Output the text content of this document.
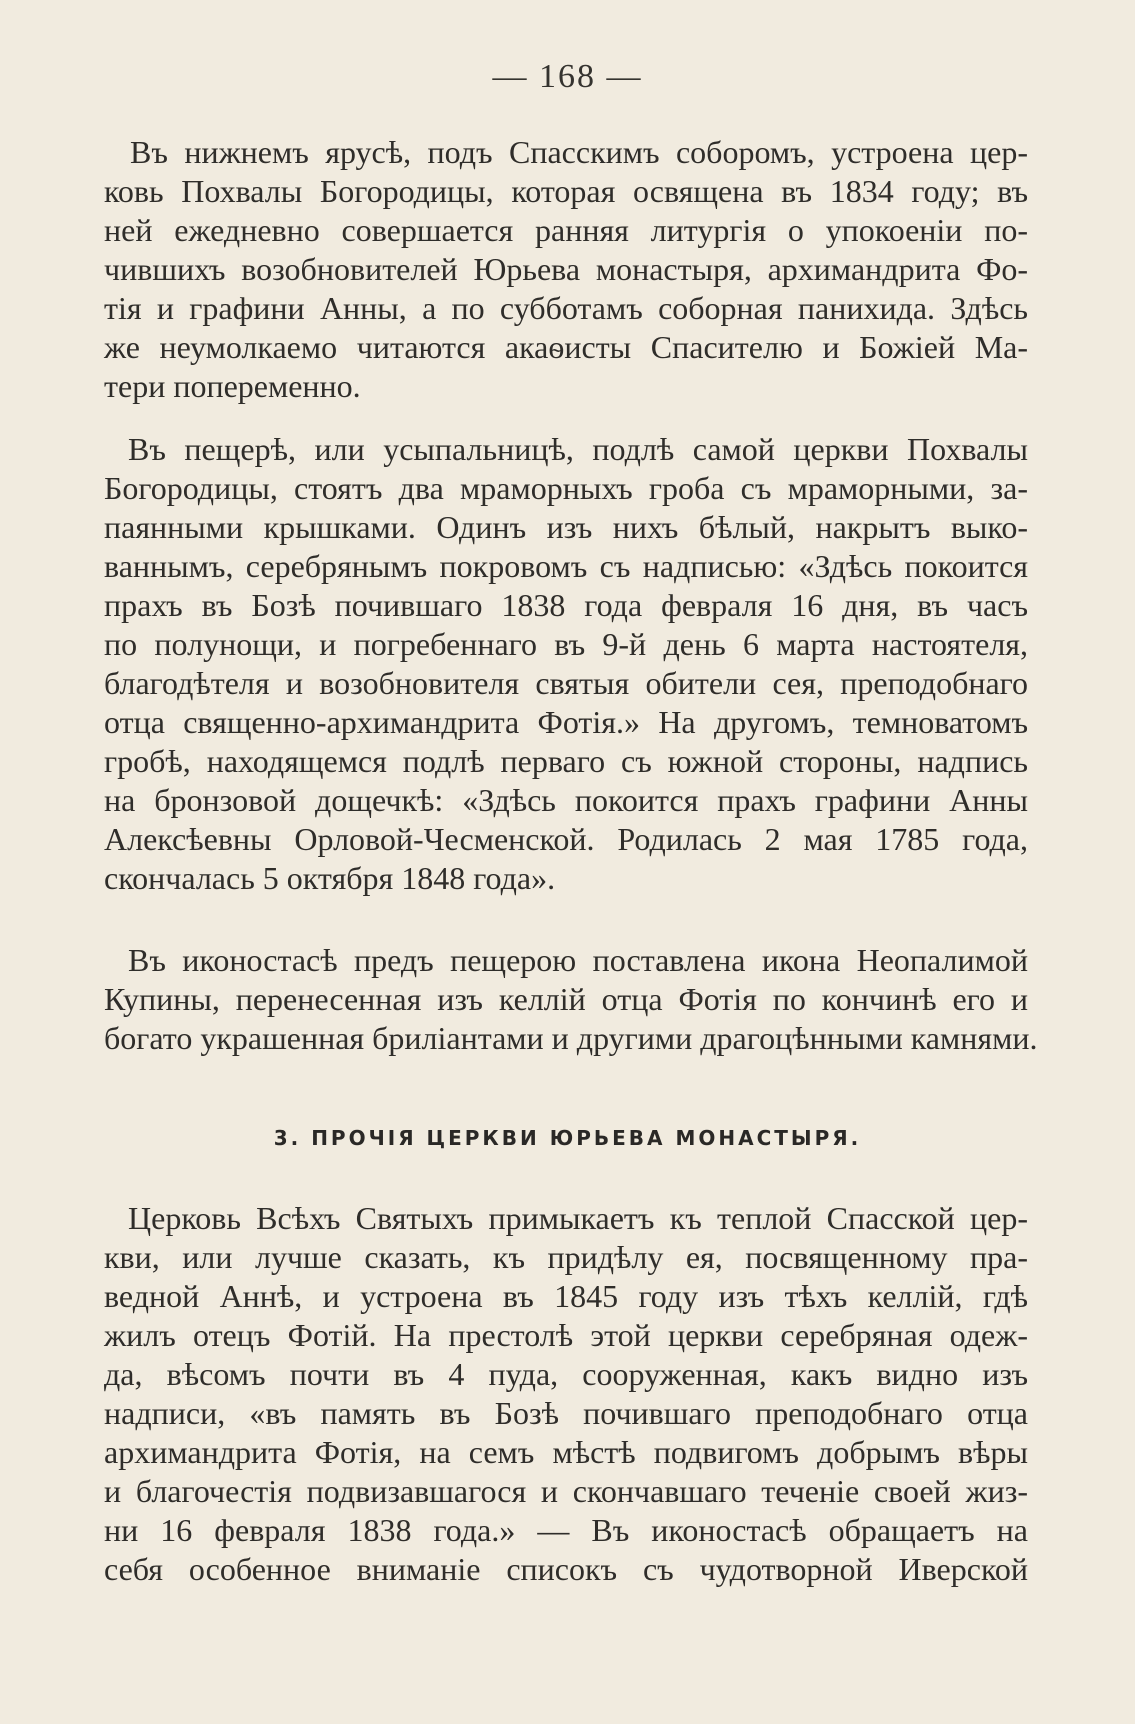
— 168 —
Въ нижнемъ ярусѣ, подъ Спасскимъ соборомъ, устроена цер-
ковь Похвалы Богородицы, которая освящена въ 1834 году; въ
ней ежедневно совершается ранняя литургія о упокоеніи по-
чившихъ возобновителей Юрьева монастыря, архимандрита Фо-
тія и графини Анны, а по субботамъ соборная панихида. Здѣсь
же неумолкаемо читаются акаѳисты Спасителю и Божіей Ма-
тери попеременно.
Въ пещерѣ, или усыпальницѣ, подлѣ самой церкви Похвалы
Богородицы, стоятъ два мраморныхъ гроба съ мраморными, за-
паянными крышками. Одинъ изъ нихъ бѣлый, накрытъ выко-
ваннымъ, серебрянымъ покровомъ съ надписью: «Здѣсь покоится
прахъ въ Бозѣ почившаго 1838 года февраля 16 дня, въ часъ
по полунощи, и погребеннаго въ 9-й день 6 марта настоятеля,
благодѣтеля и возобновителя святыя обители сея, преподобнаго
отца священно-архимандрита Фотія.» На другомъ, темноватомъ
гробѣ, находящемся подлѣ перваго съ южной стороны, надпись
на бронзовой дощечкѣ: «Здѣсь покоится прахъ графини Анны
Алексѣевны Орловой-Чесменской. Родилась 2 мая 1785 года,
скончалась 5 октября 1848 года».
Въ иконостасѣ предъ пещерою поставлена икона Неопалимой
Купины, перенесенная изъ келлій отца Фотія по кончинѣ его и
богато украшенная бриліантами и другими драгоцѣнными камнями.
3. ПРОЧІЯ ЦЕРКВИ ЮРЬЕВА МОНАСТЫРЯ.
Церковь Всѣхъ Святыхъ примыкаетъ къ теплой Спасской цер-
кви, или лучше сказать, къ придѣлу ея, посвященному пра-
ведной Аннѣ, и устроена въ 1845 году изъ тѣхъ келлій, гдѣ
жилъ отецъ Фотій. На престолѣ этой церкви серебряная одеж-
да, вѣсомъ почти въ 4 пуда, сооруженная, какъ видно изъ
надписи, «въ память въ Бозѣ почившаго преподобнаго отца
архимандрита Фотія, на семъ мѣстѣ подвигомъ добрымъ вѣры
и благочестія подвизавшагося и скончавшаго теченіе своей жиз-
ни 16 февраля 1838 года.» — Въ иконостасѣ обращаетъ на
себя особенное вниманіе списокъ съ чудотворной Иверской
